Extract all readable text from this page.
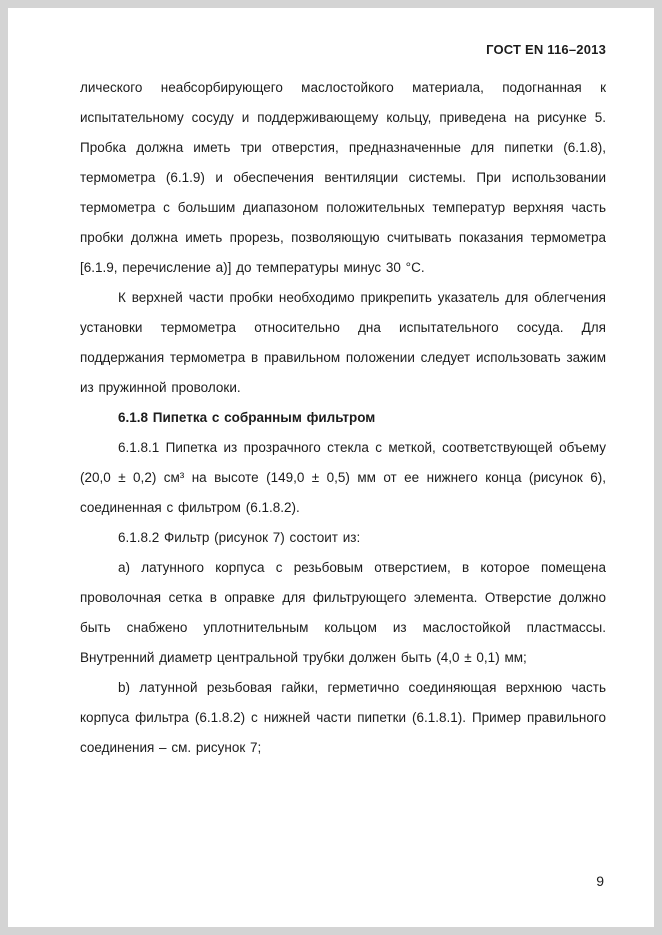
ГОСТ EN 116–2013

лического неабсорбирующего маслостойкого материала, подогнанная к испытательному сосуду и поддерживающему кольцу, приведена на рисунке 5. Пробка должна иметь три отверстия, предназначенные для пипетки (6.1.8), термометра (6.1.9) и обеспечения вентиляции системы. При использовании термометра с большим диапазоном положительных температур верхняя часть пробки должна иметь прорезь, позволяющую считывать показания термометра [6.1.9, перечисление а)] до температуры минус 30 °С.

К верхней части пробки необходимо прикрепить указатель для облегчения установки термометра относительно дна испытательного сосуда. Для поддержания термометра в правильном положении следует использовать зажим из пружинной проволоки.

6.1.8 Пипетка с собранным фильтром

6.1.8.1 Пипетка из прозрачного стекла с меткой, соответствующей объему (20,0 ± 0,2) см³ на высоте (149,0 ± 0,5) мм от ее нижнего конца (рисунок 6), соединенная с фильтром (6.1.8.2).

6.1.8.2 Фильтр (рисунок 7) состоит из:

а) латунного корпуса с резьбовым отверстием, в которое помещена проволочная сетка в оправке для фильтрующего элемента. Отверстие должно быть снабжено уплотнительным кольцом из маслостойкой пластмассы. Внутренний диаметр центральной трубки должен быть (4,0 ± 0,1) мм;

b) латунной резьбовая гайки, герметично соединяющая верхнюю часть корпуса фильтра (6.1.8.2) с нижней части пипетки (6.1.8.1). Пример правильного соединения – см. рисунок 7;

9
